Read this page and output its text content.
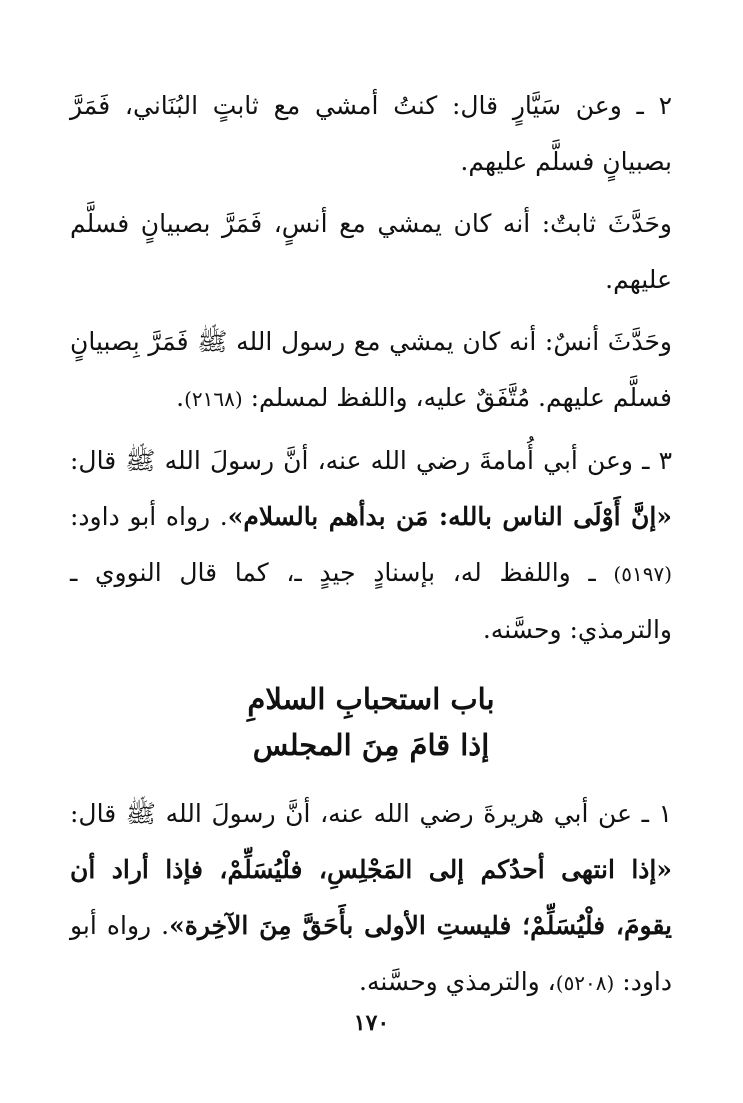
٢ ـ وعن سَيَّارٍ قال: كنتُ أمشي مع ثابتٍ البُنَاني، فَمَرَّ بصبيانٍ فسلَّم عليهم.

وحَدَّثَ ثابتٌ: أنه كان يمشي مع أنسٍ، فَمَرَّ بصبيانٍ فسلَّم عليهم.

وحَدَّثَ أنسٌ: أنه كان يمشي مع رسول الله ﷺ فَمَرَّ بِصبيانٍ فسلَّم عليهم. مُتَّفَقٌ عليه، واللفظ لمسلم: (٢١٦٨).

٣ ـ وعن أبي أُمامةَ رضي الله عنه، أنَّ رسولَ الله ﷺ قال: «إنَّ أَوْلَى الناس بالله: مَن بدأهم بالسلام». رواه أبو داود: (٥١٩٧) ـ واللفظ له، بإسنادٍ جيدٍ ـ، كما قال النووي ـ والترمذي: وحسَّنه.

باب استحبابِ السلامِ
إذا قامَ مِنَ المجلس

١ ـ عن أبي هريرةَ رضي الله عنه، أنَّ رسولَ الله ﷺ قال: «إذا انتهى أحدُكم إلى المَجْلِسِ، فلْيُسَلِّمْ، فإذا أراد أن يقومَ، فلْيُسَلِّمْ؛ فليستِ الأولى بأَحَقَّ مِنَ الآخِرة». رواه أبو داود: (٥٢٠٨)، والترمذي وحسَّنه.

١٧٠
